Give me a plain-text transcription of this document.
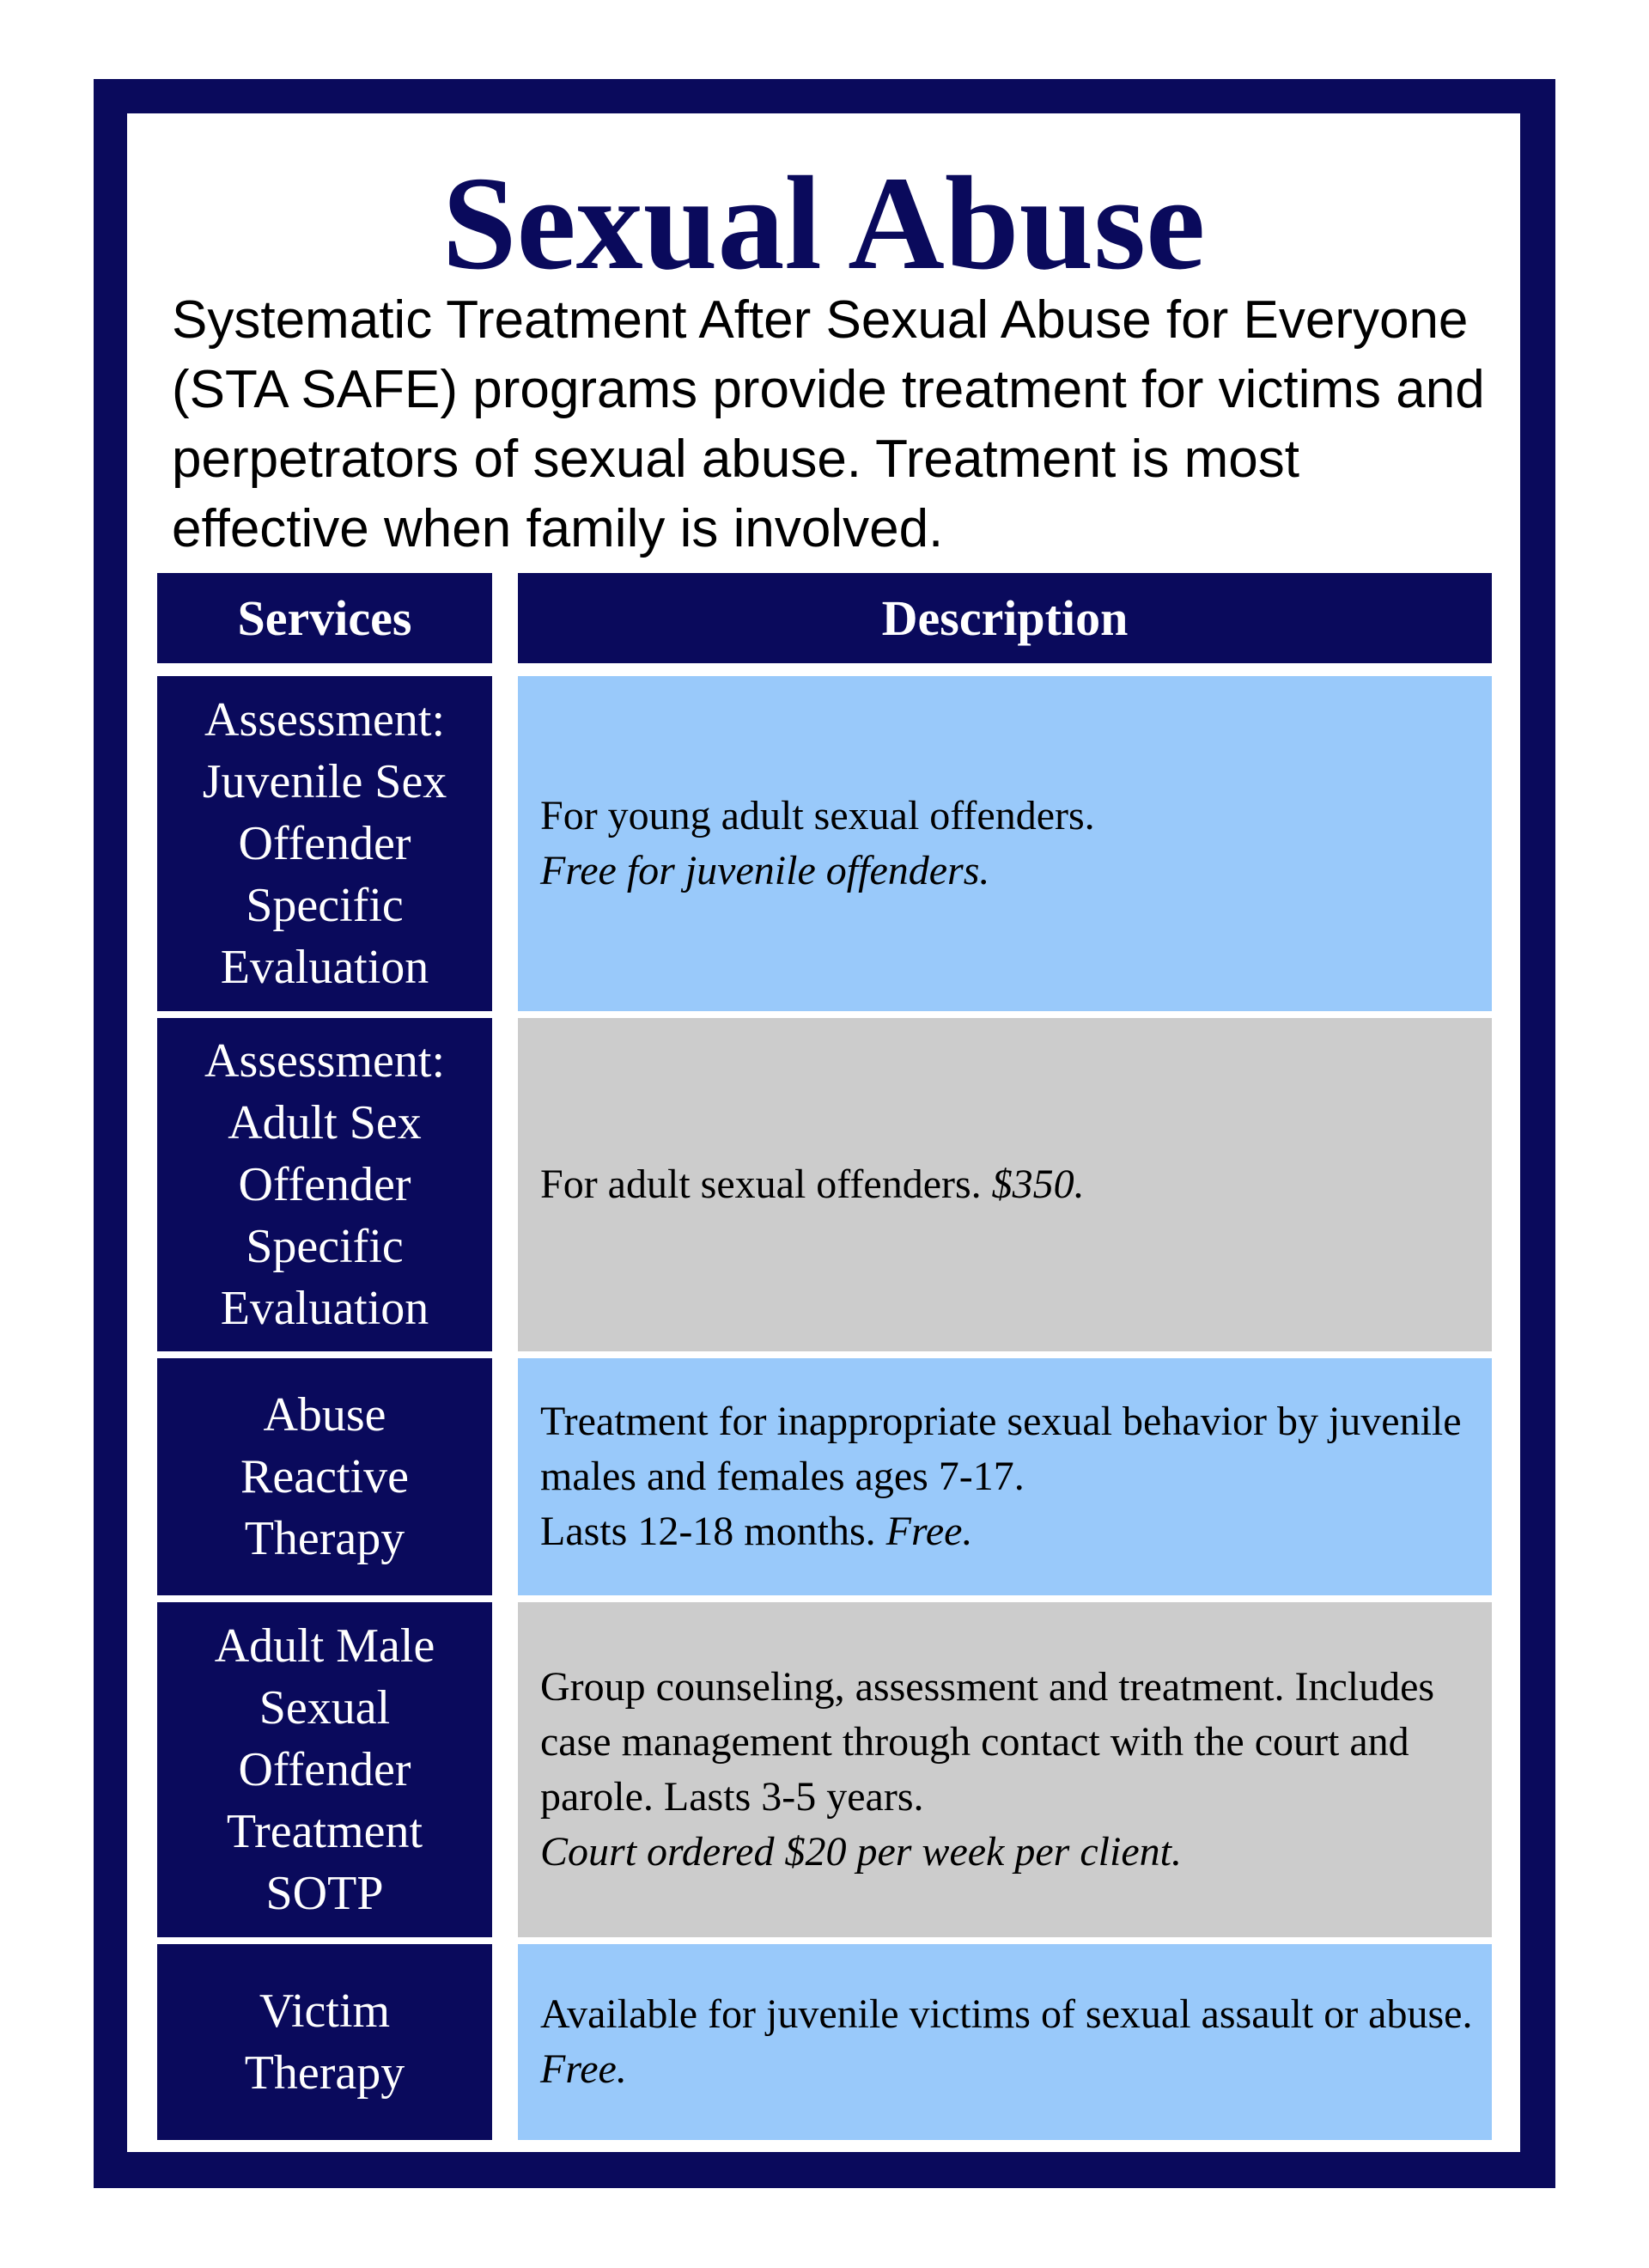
Sexual Abuse
Systematic Treatment After Sexual Abuse for Everyone (STA SAFE) programs provide treatment for victims and perpetrators of sexual abuse. Treatment is most effective when family is involved.
Services	Description
Assessment:
Juvenile Sex
Offender
Specific
Evaluation
For young adult sexual offenders.
Free for juvenile offenders.
Assessment:
Adult Sex
Offender
Specific
Evaluation
For adult sexual offenders. $350.
Abuse
Reactive
Therapy
Treatment for inappropriate sexual behavior by juvenile males and females ages 7-17.
Lasts 12-18 months. Free.
Adult Male
Sexual
Offender
Treatment
SOTP
Group counseling, assessment and treatment. Includes case management through contact with the court and parole. Lasts 3-5 years.
Court ordered $20 per week per client.
Victim
Therapy
Available for juvenile victims of sexual assault or abuse. Free.
